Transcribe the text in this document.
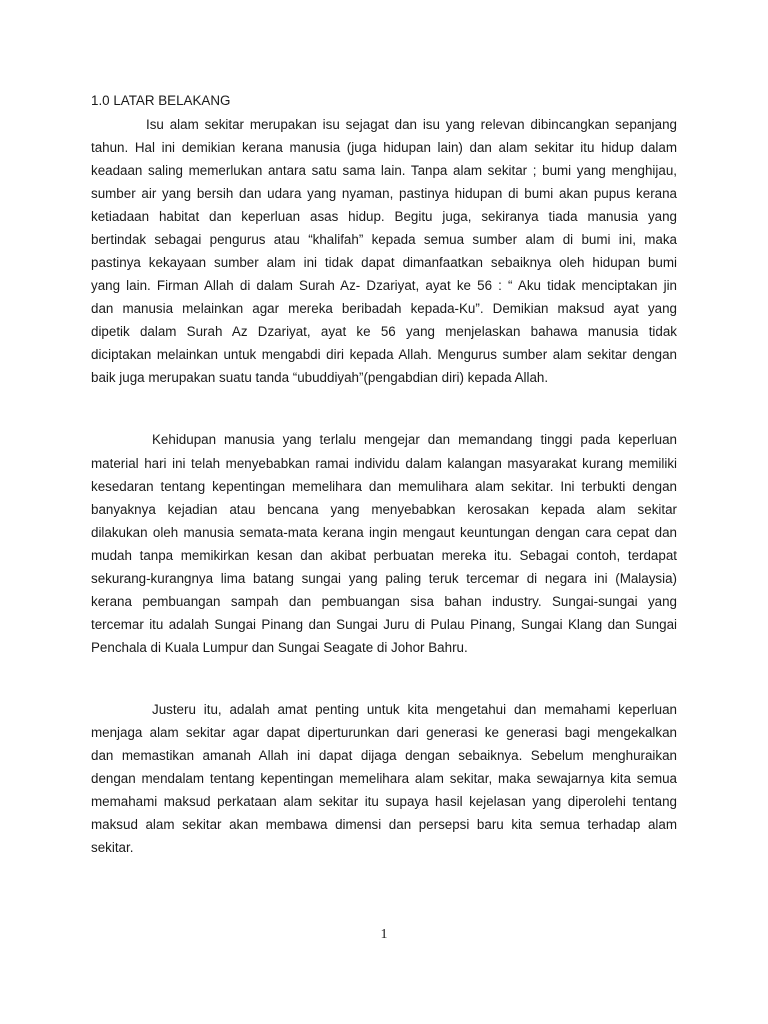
1.0 LATAR BELAKANG
Isu alam sekitar merupakan isu sejagat dan isu yang relevan dibincangkan sepanjang
tahun. Hal ini demikian kerana manusia (juga hidupan lain) dan alam sekitar itu hidup dalam
keadaan saling memerlukan antara satu sama lain. Tanpa alam sekitar ; bumi yang menghijau,
sumber air yang bersih dan udara yang nyaman, pastinya hidupan di bumi akan pupus kerana
ketiadaan habitat dan keperluan asas hidup. Begitu juga, sekiranya tiada manusia yang
bertindak sebagai pengurus atau “khalifah” kepada semua sumber alam di bumi ini, maka
pastinya kekayaan sumber alam ini tidak dapat dimanfaatkan sebaiknya oleh hidupan bumi
yang lain. Firman Allah di dalam Surah Az- Dzariyat, ayat ke 56 : “ Aku tidak menciptakan jin
dan manusia melainkan agar mereka beribadah kepada-Ku”. Demikian maksud ayat yang
dipetik dalam Surah Az Dzariyat, ayat ke 56 yang menjelaskan bahawa manusia tidak
diciptakan melainkan untuk mengabdi diri kepada Allah. Mengurus sumber alam sekitar dengan
baik juga merupakan suatu tanda “ubuddiyah”(pengabdian diri) kepada Allah.
Kehidupan manusia yang terlalu mengejar dan memandang tinggi pada keperluan
material hari ini telah menyebabkan ramai individu dalam kalangan masyarakat kurang memiliki
kesedaran tentang kepentingan memelihara dan memulihara alam sekitar. Ini terbukti dengan
banyaknya kejadian atau bencana yang menyebabkan kerosakan kepada alam sekitar
dilakukan oleh manusia semata-mata kerana ingin mengaut keuntungan dengan cara cepat dan
mudah tanpa memikirkan kesan dan akibat perbuatan mereka itu. Sebagai contoh, terdapat
sekurang-kurangnya lima batang sungai yang paling teruk tercemar di negara ini (Malaysia)
kerana pembuangan sampah dan pembuangan sisa bahan industry. Sungai-sungai yang
tercemar itu adalah Sungai Pinang dan Sungai Juru di Pulau Pinang, Sungai Klang dan Sungai
Penchala di Kuala Lumpur dan Sungai Seagate di Johor Bahru.
Justeru itu, adalah amat penting untuk kita mengetahui dan memahami keperluan
menjaga alam sekitar agar dapat diperturunkan dari generasi ke generasi bagi mengekalkan
dan memastikan amanah Allah ini dapat dijaga dengan sebaiknya. Sebelum menghuraikan
dengan mendalam tentang kepentingan memelihara alam sekitar, maka sewajarnya kita semua
memahami maksud perkataan alam sekitar itu supaya hasil kejelasan yang diperolehi tentang
maksud alam sekitar akan membawa dimensi dan persepsi baru kita semua terhadap alam
sekitar.
1
